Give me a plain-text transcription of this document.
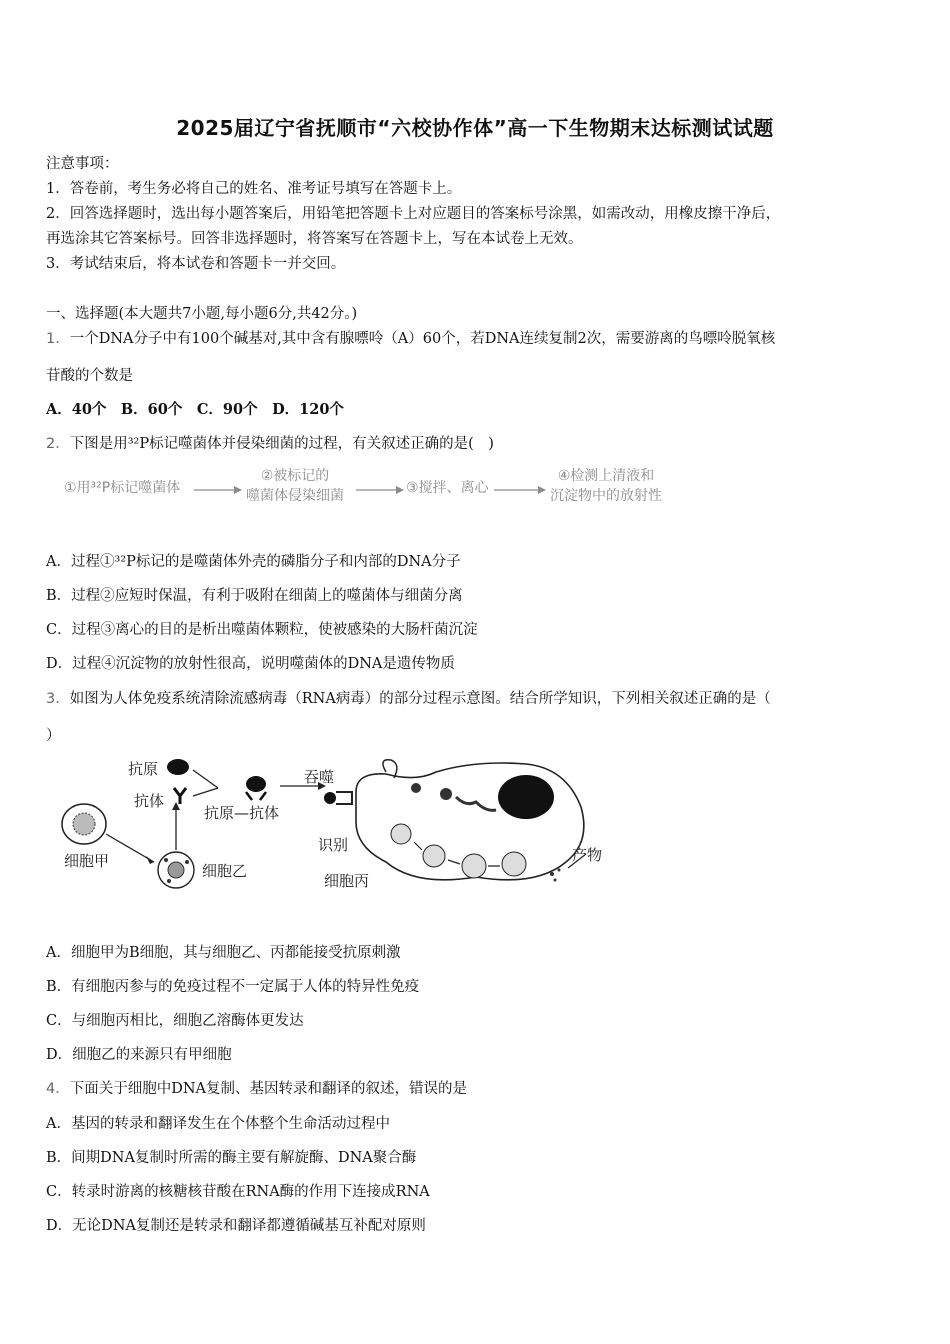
2025届辽宁省抚顺市“六校协作体”高一下生物期末达标测试试题
注意事项：
1．答卷前，考生务必将自己的姓名、准考证号填写在答题卡上。
2．回答选择题时，选出每小题答案后，用铅笔把答题卡上对应题目的答案标号涂黑，如需改动，用橡皮擦干净后，
再选涂其它答案标号。回答非选择题时，将答案写在答题卡上，写在本试卷上无效。
3．考试结束后，将本试卷和答题卡一并交回。
一、选择题(本大题共7小题,每小题6分,共42分。)
1．一个DNA分子中有100个碱基对,其中含有腺嘌呤（A）60个，若DNA连续复制2次，需要游离的鸟嘌呤脱氧核
苷酸的个数是
A．40个　B．60个　C．90个　D．120个
2．下图是用³²P标记噬菌体并侵染细菌的过程，有关叙述正确的是(　)
①用³²P标记噬菌体
②被标记的
噬菌体侵染细菌	③搅拌、离心
④检测上清液和
沉淀物中的放射性
A．过程①³²P标记的是噬菌体外壳的磷脂分子和内部的DNA分子
B．过程②应短时保温，有利于吸附在细菌上的噬菌体与细菌分离
C．过程③离心的目的是析出噬菌体颗粒，使被感染的大肠杆菌沉淀
D．过程④沉淀物的放射性很高，说明噬菌体的DNA是遗传物质
3．如图为人体免疫系统清除流感病毒（RNA病毒）的部分过程示意图。结合所学知识，下列相关叙述正确的是（
）
抗原
抗体
抗原—抗体
吞噬
识别
细胞甲
细胞乙
细胞丙
产物
A．细胞甲为B细胞，其与细胞乙、丙都能接受抗原刺激
B．有细胞丙参与的免疫过程不一定属于人体的特异性免疫
C．与细胞丙相比，细胞乙溶酶体更发达
D．细胞乙的来源只有甲细胞
4．下面关于细胞中DNA复制、基因转录和翻译的叙述，错误的是
A．基因的转录和翻译发生在个体整个生命活动过程中
B．间期DNA复制时所需的酶主要有解旋酶、DNA聚合酶
C．转录时游离的核糖核苷酸在RNA酶的作用下连接成RNA
D．无论DNA复制还是转录和翻译都遵循碱基互补配对原则
